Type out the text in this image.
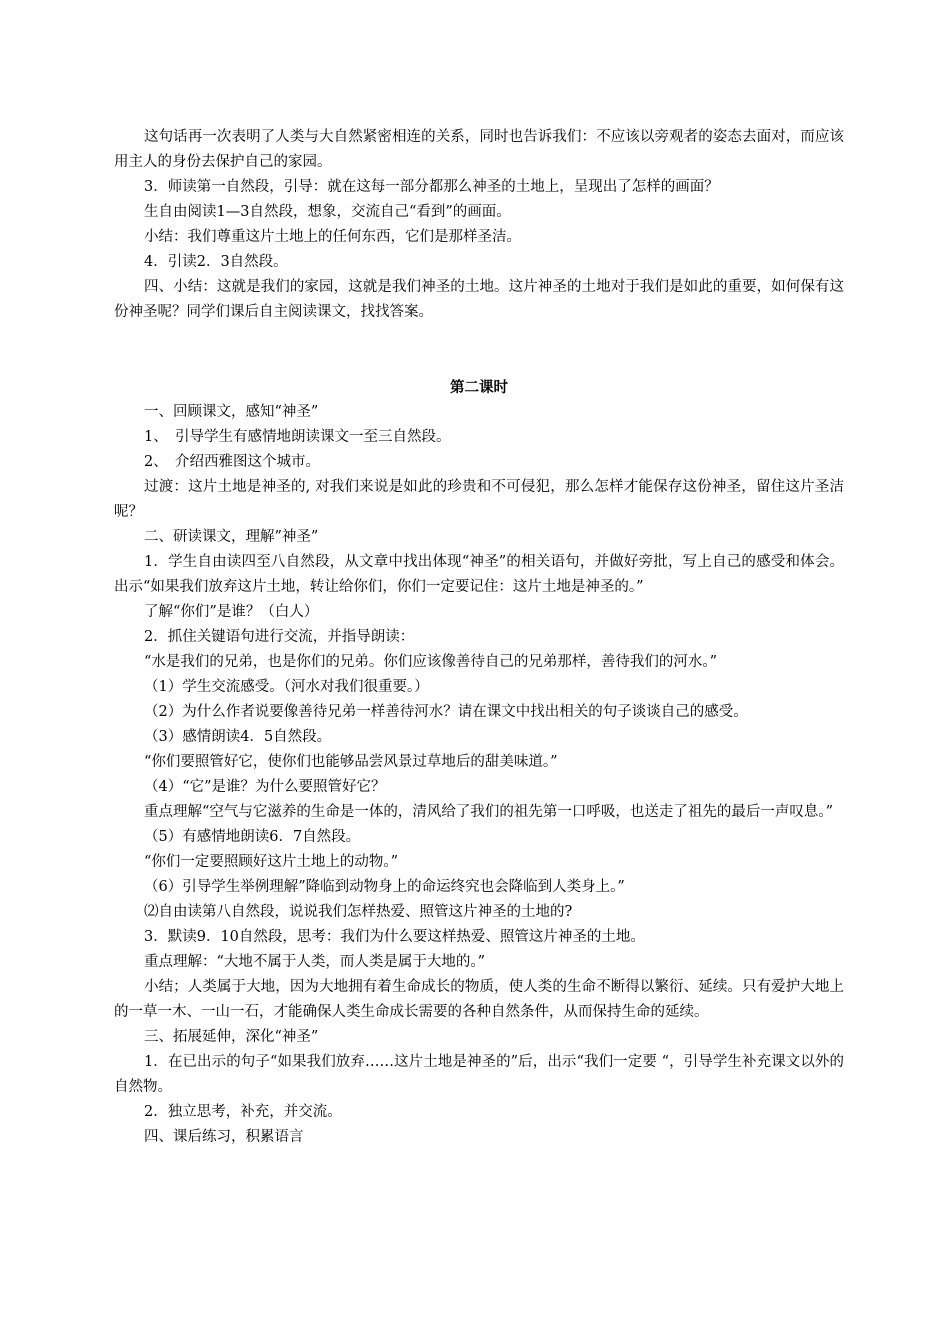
这句话再一次表明了人类与大自然紧密相连的关系，同时也告诉我们：不应该以旁观者的姿态去面对，而应该用主人的身份去保护自己的家园。

3．师读第一自然段，引导：就在这每一部分都那么神圣的土地上，呈现出了怎样的画面？

生自由阅读1—3自然段，想象，交流自己“看到”的画面。

小结：我们尊重这片土地上的任何东西，它们是那样圣洁。

4．引读2．3自然段。

四、小结：这就是我们的家园，这就是我们神圣的土地。这片神圣的土地对于我们是如此的重要，如何保有这份神圣呢？同学们课后自主阅读课文，找找答案。

第二课时

一、回顾课文，感知“神圣”

1、　引导学生有感情地朗读课文一至三自然段。

2、　介绍西雅图这个城市。

过渡：这片土地是神圣的, 对我们来说是如此的珍贵和不可侵犯，那么怎样才能保存这份神圣，留住这片圣洁呢？

二、研读课文，理解”神圣”

1．学生自由读四至八自然段，从文章中找出体现“神圣”的相关语句，并做好旁批，写上自己的感受和体会。出示“如果我们放弃这片土地，转让给你们，你们一定要记住：这片土地是神圣的。”

了解“你们”是谁？（白人）

2．抓住关键语句进行交流，并指导朗读：

“水是我们的兄弟，也是你们的兄弟。你们应该像善待自己的兄弟那样，善待我们的河水。”

（1）学生交流感受。（河水对我们很重要。）

（2）为什么作者说要像善待兄弟一样善待河水？请在课文中找出相关的句子谈谈自己的感受。

（3）感情朗读4．5自然段。

“你们要照管好它，使你们也能够品尝风景过草地后的甜美味道。”

（4）“它”是谁？为什么要照管好它？

重点理解“空气与它滋养的生命是一体的，清风给了我们的祖先第一口呼吸，也送走了祖先的最后一声叹息。”

（5）有感情地朗读6．7自然段。

“你们一定要照顾好这片土地上的动物。”

（6）引导学生举例理解”降临到动物身上的命运终究也会降临到人类身上。”

⑵自由读第八自然段，说说我们怎样热爱、照管这片神圣的土地的?

3．默读9．10自然段，思考：我们为什么要这样热爱、照管这片神圣的土地。

重点理解：“大地不属于人类，而人类是属于大地的。”

小结；人类属于大地，因为大地拥有着生命成长的物质，使人类的生命不断得以繁衍、延续。只有爱护大地上的一草一木、一山一石，才能确保人类生命成长需要的各种自然条件，从而保持生命的延续。

三、拓展延伸，深化“神圣”

1．在已出示的句子“如果我们放弃……这片土地是神圣的”后，出示“我们一定要 “，引导学生补充课文以外的自然物。

2．独立思考，补充，并交流。

四、课后练习，积累语言
